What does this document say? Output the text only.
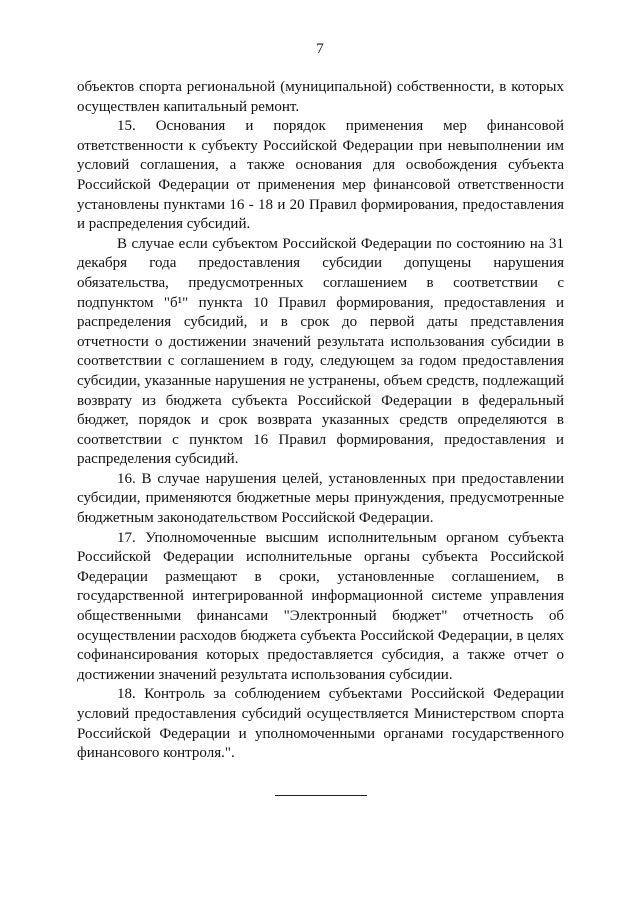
7

объектов спорта региональной (муниципальной) собственности, в которых осуществлен капитальный ремонт.

15. Основания и порядок применения мер финансовой ответственности к субъекту Российской Федерации при невыполнении им условий соглашения, а также основания для освобождения субъекта Российской Федерации от применения мер финансовой ответственности установлены пунктами 16 - 18 и 20 Правил формирования, предоставления и распределения субсидий.

В случае если субъектом Российской Федерации по состоянию на 31 декабря года предоставления субсидии допущены нарушения обязательства, предусмотренных соглашением в соответствии с подпунктом "б¹" пункта 10 Правил формирования, предоставления и распределения субсидий, и в срок до первой даты представления отчетности о достижении значений результата использования субсидии в соответствии с соглашением в году, следующем за годом предоставления субсидии, указанные нарушения не устранены, объем средств, подлежащий возврату из бюджета субъекта Российской Федерации в федеральный бюджет, порядок и срок возврата указанных средств определяются в соответствии с пунктом 16 Правил формирования, предоставления и распределения субсидий.

16. В случае нарушения целей, установленных при предоставлении субсидии, применяются бюджетные меры принуждения, предусмотренные бюджетным законодательством Российской Федерации.

17. Уполномоченные высшим исполнительным органом субъекта Российской Федерации исполнительные органы субъекта Российской Федерации размещают в сроки, установленные соглашением, в государственной интегрированной информационной системе управления общественными финансами "Электронный бюджет" отчетность об осуществлении расходов бюджета субъекта Российской Федерации, в целях софинансирования которых предоставляется субсидия, а также отчет о достижении значений результата использования субсидии.

18. Контроль за соблюдением субъектами Российской Федерации условий предоставления субсидий осуществляется Министерством спорта Российской Федерации и уполномоченными органами государственного финансового контроля.".
